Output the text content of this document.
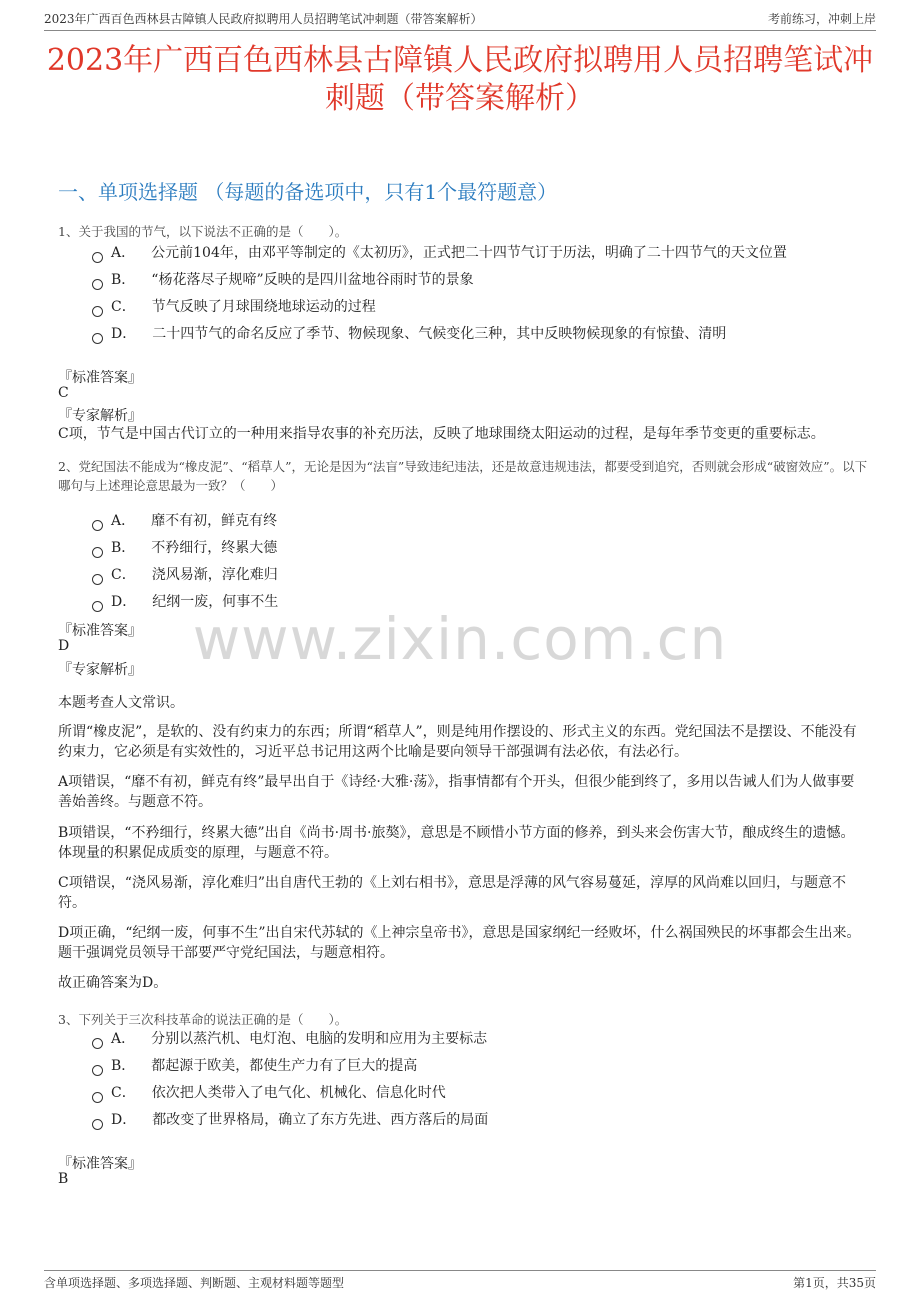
2023年广西百色西林县古障镇人民政府拟聘用人员招聘笔试冲刺题（带答案解析）	考前练习，冲刺上岸
2023年广西百色西林县古障镇人民政府拟聘用人员招聘笔试冲刺题（带答案解析）
一、单项选择题 （每题的备选项中，只有1个最符题意）
1、关于我国的节气，以下说法不正确的是（　　）。
A． 公元前104年，由邓平等制定的《太初历》，正式把二十四节气订于历法，明确了二十四节气的天文位置
B． “杨花落尽子规啼”反映的是四川盆地谷雨时节的景象
C． 节气反映了月球围绕地球运动的过程
D． 二十四节气的命名反应了季节、物候现象、气候变化三种，其中反映物候现象的有惊蛰、清明
『标准答案』
C
『专家解析』
C项，节气是中国古代订立的一种用来指导农事的补充历法，反映了地球围绕太阳运动的过程，是每年季节变更的重要标志。
2、党纪国法不能成为“橡皮泥”、“稻草人”，无论是因为“法盲”导致违纪违法，还是故意违规违法，都要受到追究，否则就会形成“破窗效应”。以下哪句与上述理论意思最为一致？（　　）
A． 靡不有初，鲜克有终
B． 不矜细行，终累大德
C． 浇风易渐，淳化难归
D． 纪纲一废，何事不生
www.zixin.com.cn
『标准答案』
D
『专家解析』
本题考查人文常识。
所谓“橡皮泥”，是软的、没有约束力的东西；所谓“稻草人”，则是纯用作摆设的、形式主义的东西。党纪国法不是摆设、不能没有约束力，它必须是有实效性的，习近平总书记用这两个比喻是要向领导干部强调有法必依，有法必行。
A项错误，“靡不有初，鲜克有终”最早出自于《诗经·大雅·荡》，指事情都有个开头，但很少能到终了，多用以告诫人们为人做事要善始善终。与题意不符。
B项错误，“不矜细行，终累大德”出自《尚书·周书·旅獒》，意思是不顾惜小节方面的修养，到头来会伤害大节，酿成终生的遗憾。体现量的积累促成质变的原理，与题意不符。
C项错误，“浇风易渐，淳化难归”出自唐代王勃的《上刘右相书》，意思是浮薄的风气容易蔓延，淳厚的风尚难以回归，与题意不符。
D项正确，“纪纲一废，何事不生”出自宋代苏轼的《上神宗皇帝书》，意思是国家纲纪一经败坏，什么祸国殃民的坏事都会生出来。题干强调党员领导干部要严守党纪国法，与题意相符。
故正确答案为D。
3、下列关于三次科技革命的说法正确的是（　　）。
A． 分别以蒸汽机、电灯泡、电脑的发明和应用为主要标志
B． 都起源于欧美，都使生产力有了巨大的提高
C． 依次把人类带入了电气化、机械化、信息化时代
D． 都改变了世界格局，确立了东方先进、西方落后的局面
『标准答案』
B
含单项选择题、多项选择题、判断题、主观材料题等题型	第1页，共35页
